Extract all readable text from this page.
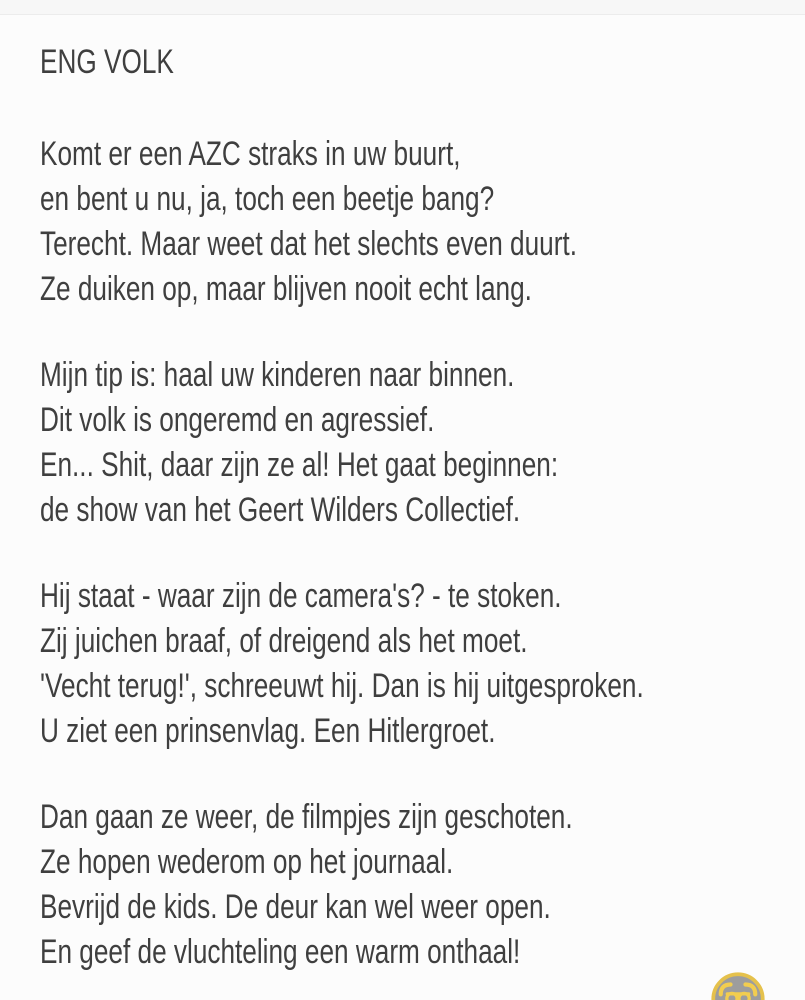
ENG VOLK
Komt er een AZC straks in uw buurt,
en bent u nu, ja, toch een beetje bang?
Terecht. Maar weet dat het slechts even duurt.
Ze duiken op, maar blijven nooit echt lang.
Mijn tip is: haal uw kinderen naar binnen.
Dit volk is ongeremd en agressief.
En... Shit, daar zijn ze al! Het gaat beginnen:
de show van het Geert Wilders Collectief.
Hij staat - waar zijn de camera's? - te stoken.
Zij juichen braaf, of dreigend als het moet.
'Vecht terug!', schreeuwt hij. Dan is hij uitgesproken.
U ziet een prinsenvlag. Een Hitlergroet.
Dan gaan ze weer, de filmpjes zijn geschoten.
Ze hopen wederom op het journaal.
Bevrijd de kids. De deur kan wel weer open.
En geef de vluchteling een warm onthaal!
